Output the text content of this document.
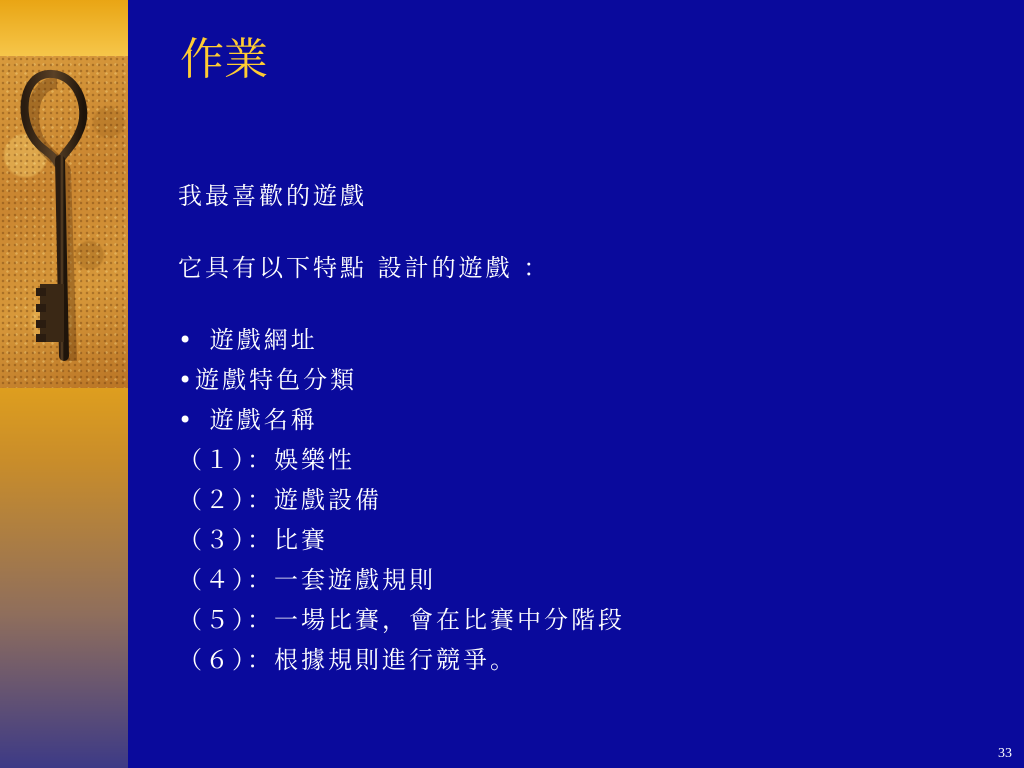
作業

我最喜歡的遊戲

它具有以下特點 設計的遊戲 ：

• 遊戲網址

•遊戲特色分類

• 遊戲名稱

（１）：娛樂性

（２）：遊戲設備

（３）：比賽

（４）：一套遊戲規則

（５）：一場比賽，會在比賽中分階段

（６）：根據規則進行競爭。

33
